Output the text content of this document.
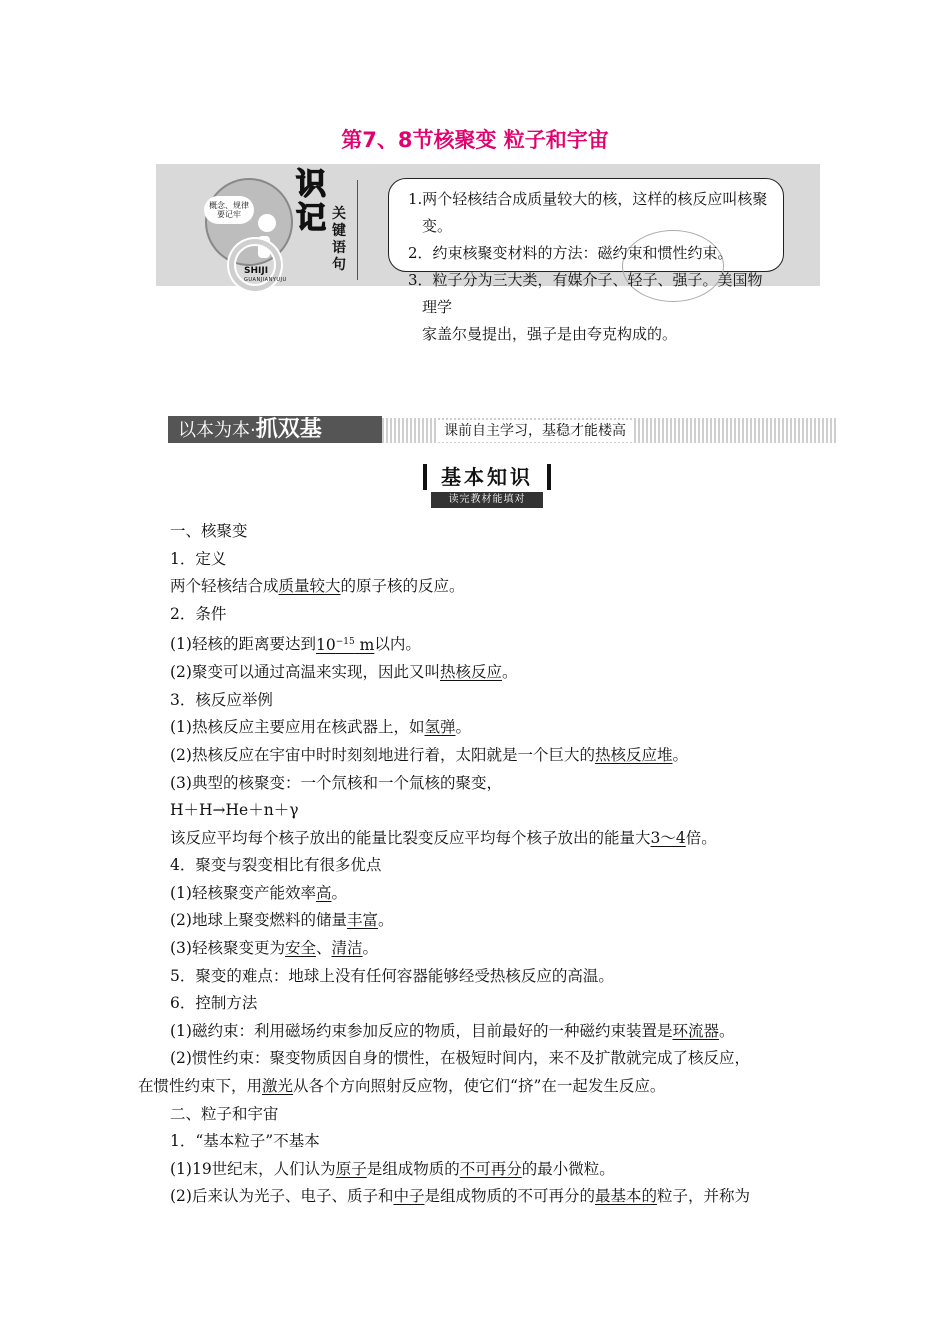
第7、8节核聚变 粒子和宇宙
概念、规律 要记牢
SHIJI
GUANJIANYUJU
识记 关键语句

1.两个轻核结合成质量较大的核，这样的核反应叫核聚

变。

2．约束核聚变材料的方法：磁约束和惯性约束。

3．粒子分为三大类，有媒介子、轻子、强子。美国物

理学

家盖尔曼提出，强子是由夸克构成的。

以本为本·抓双基	课前自主学习，基稳才能楼高
基本知识
读完教材能填对

一、核聚变

1．定义

两个轻核结合成质量较大的原子核的反应。

2．条件

(1)轻核的距离要达到$10^{-15}$ m以内。

(2)聚变可以通过高温来实现，因此又叫热核反应。

3．核反应举例

(1)热核反应主要应用在核武器上，如氢弹。

(2)热核反应在宇宙中时时刻刻地进行着，太阳就是一个巨大的热核反应堆。

(3)典型的核聚变：一个氘核和一个氚核的聚变，

H＋H→He＋n＋γ

该反应平均每个核子放出的能量比裂变反应平均每个核子放出的能量大3～4倍。

4．聚变与裂变相比有很多优点

(1)轻核聚变产能效率高。

(2)地球上聚变燃料的储量丰富。

(3)轻核聚变更为安全、清洁。

5．聚变的难点：地球上没有任何容器能够经受热核反应的高温。

6．控制方法

(1)磁约束：利用磁场约束参加反应的物质，目前最好的一种磁约束装置是环流器。

(2)惯性约束：聚变物质因自身的惯性，在极短时间内，来不及扩散就完成了核反应，

在惯性约束下，用激光从各个方向照射反应物，使它们“挤”在一起发生反应。

二、粒子和宇宙

1．“基本粒子”不基本

(1)19世纪末，人们认为原子是组成物质的不可再分的最小微粒。

(2)后来认为光子、电子、质子和中子是组成物质的不可再分的最基本的粒子，并称为
